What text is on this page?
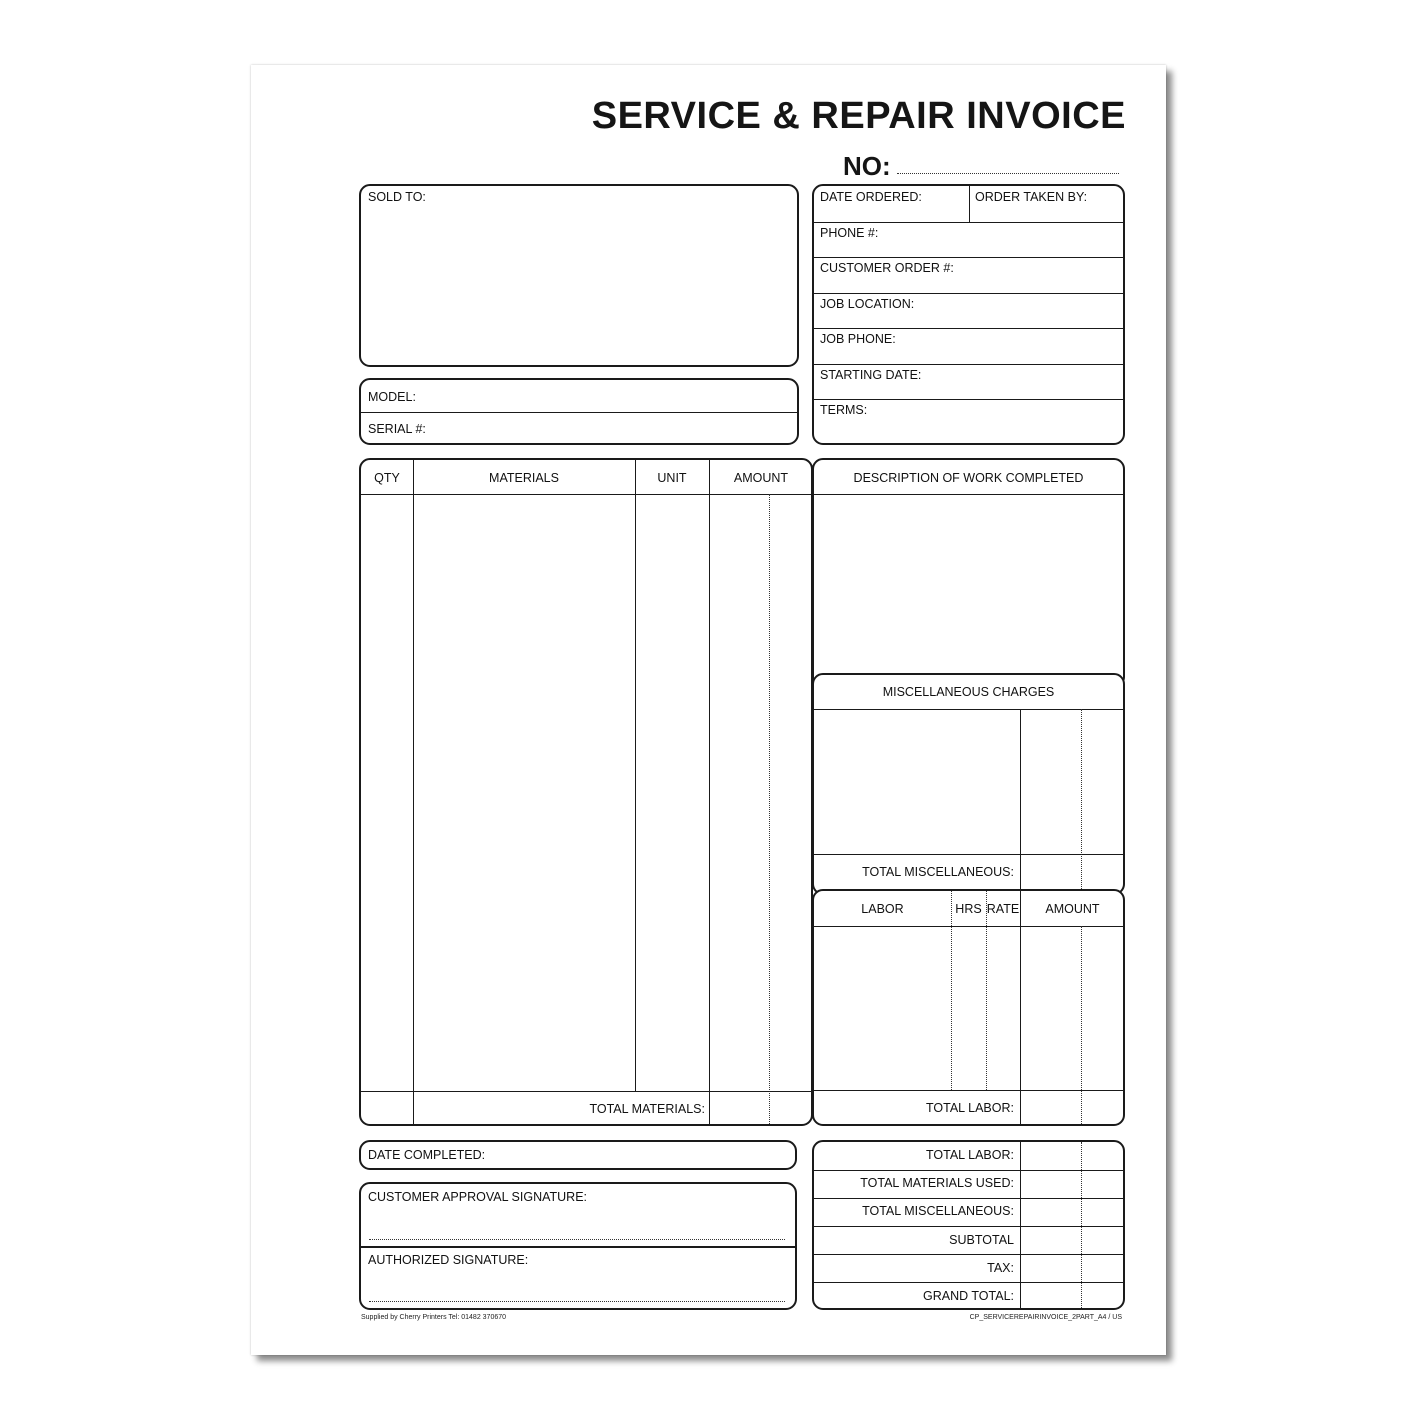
SERVICE & REPAIR INVOICE
NO:
SOLD TO:
MODEL:
SERIAL #:
DATE ORDERED:	ORDER TAKEN BY:
PHONE #:
CUSTOMER ORDER #:
JOB LOCATION:
JOB PHONE:
STARTING DATE:
TERMS:
QTY	MATERIALS	UNIT	AMOUNT
TOTAL MATERIALS:
DESCRIPTION OF WORK COMPLETED
MISCELLANEOUS CHARGES
TOTAL MISCELLANEOUS:
LABOR	HRS RATE	AMOUNT
TOTAL LABOR:
DATE COMPLETED:
CUSTOMER APPROVAL SIGNATURE:
AUTHORIZED SIGNATURE:
TOTAL LABOR:
TOTAL MATERIALS USED:
TOTAL MISCELLANEOUS:
SUBTOTAL
TAX:
GRAND TOTAL:
Supplied by Cherry Printers Tel: 01482 370670	CP_SERVICEREPAIRINVOICE_2PART_A4 / US
